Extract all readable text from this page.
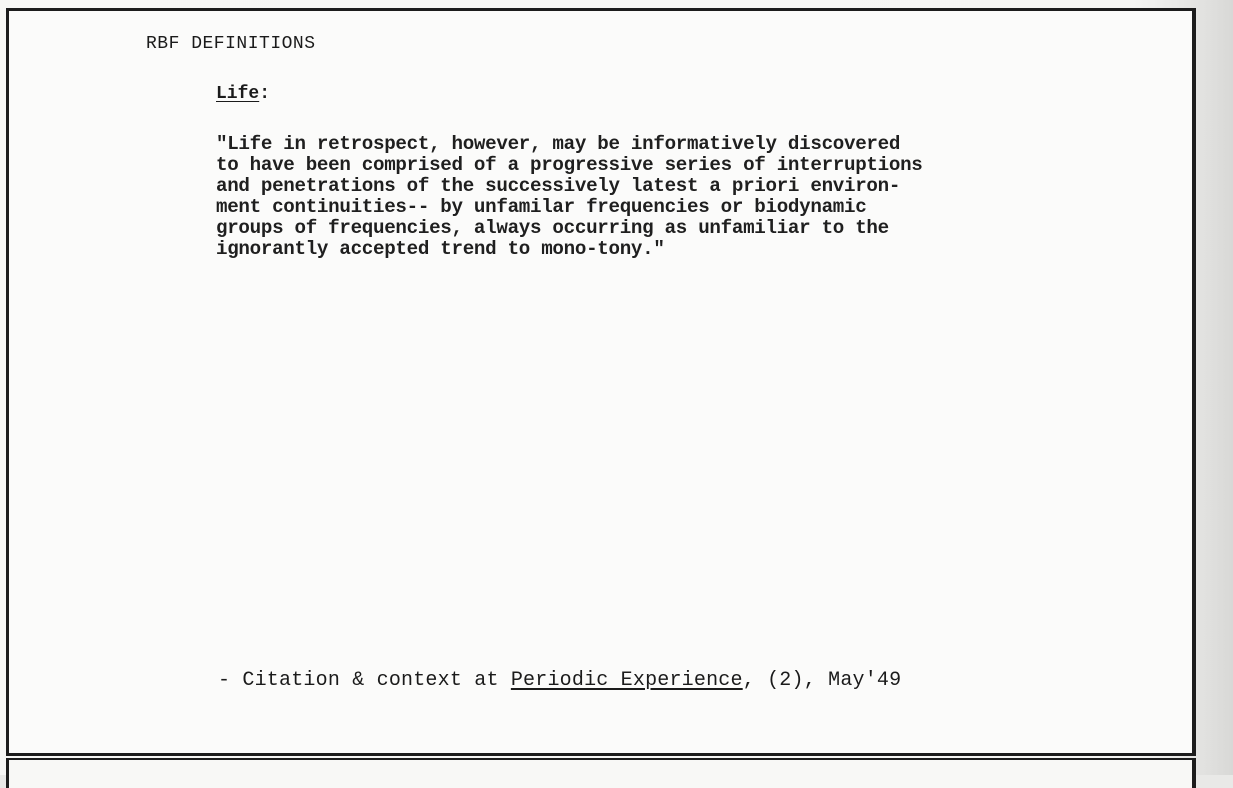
RBF DEFINITIONS
Life:
"Life in retrospect, however, may be informatively discovered
to have been comprised of a progressive series of interruptions
and penetrations of the successively latest a priori environ-
ment continuities-- by unfamilar frequencies or biodynamic
groups of frequencies, always occurring as unfamiliar to the
ignorantly accepted trend to mono-tony."
- Citation & context at Periodic Experience, (2), May'49
